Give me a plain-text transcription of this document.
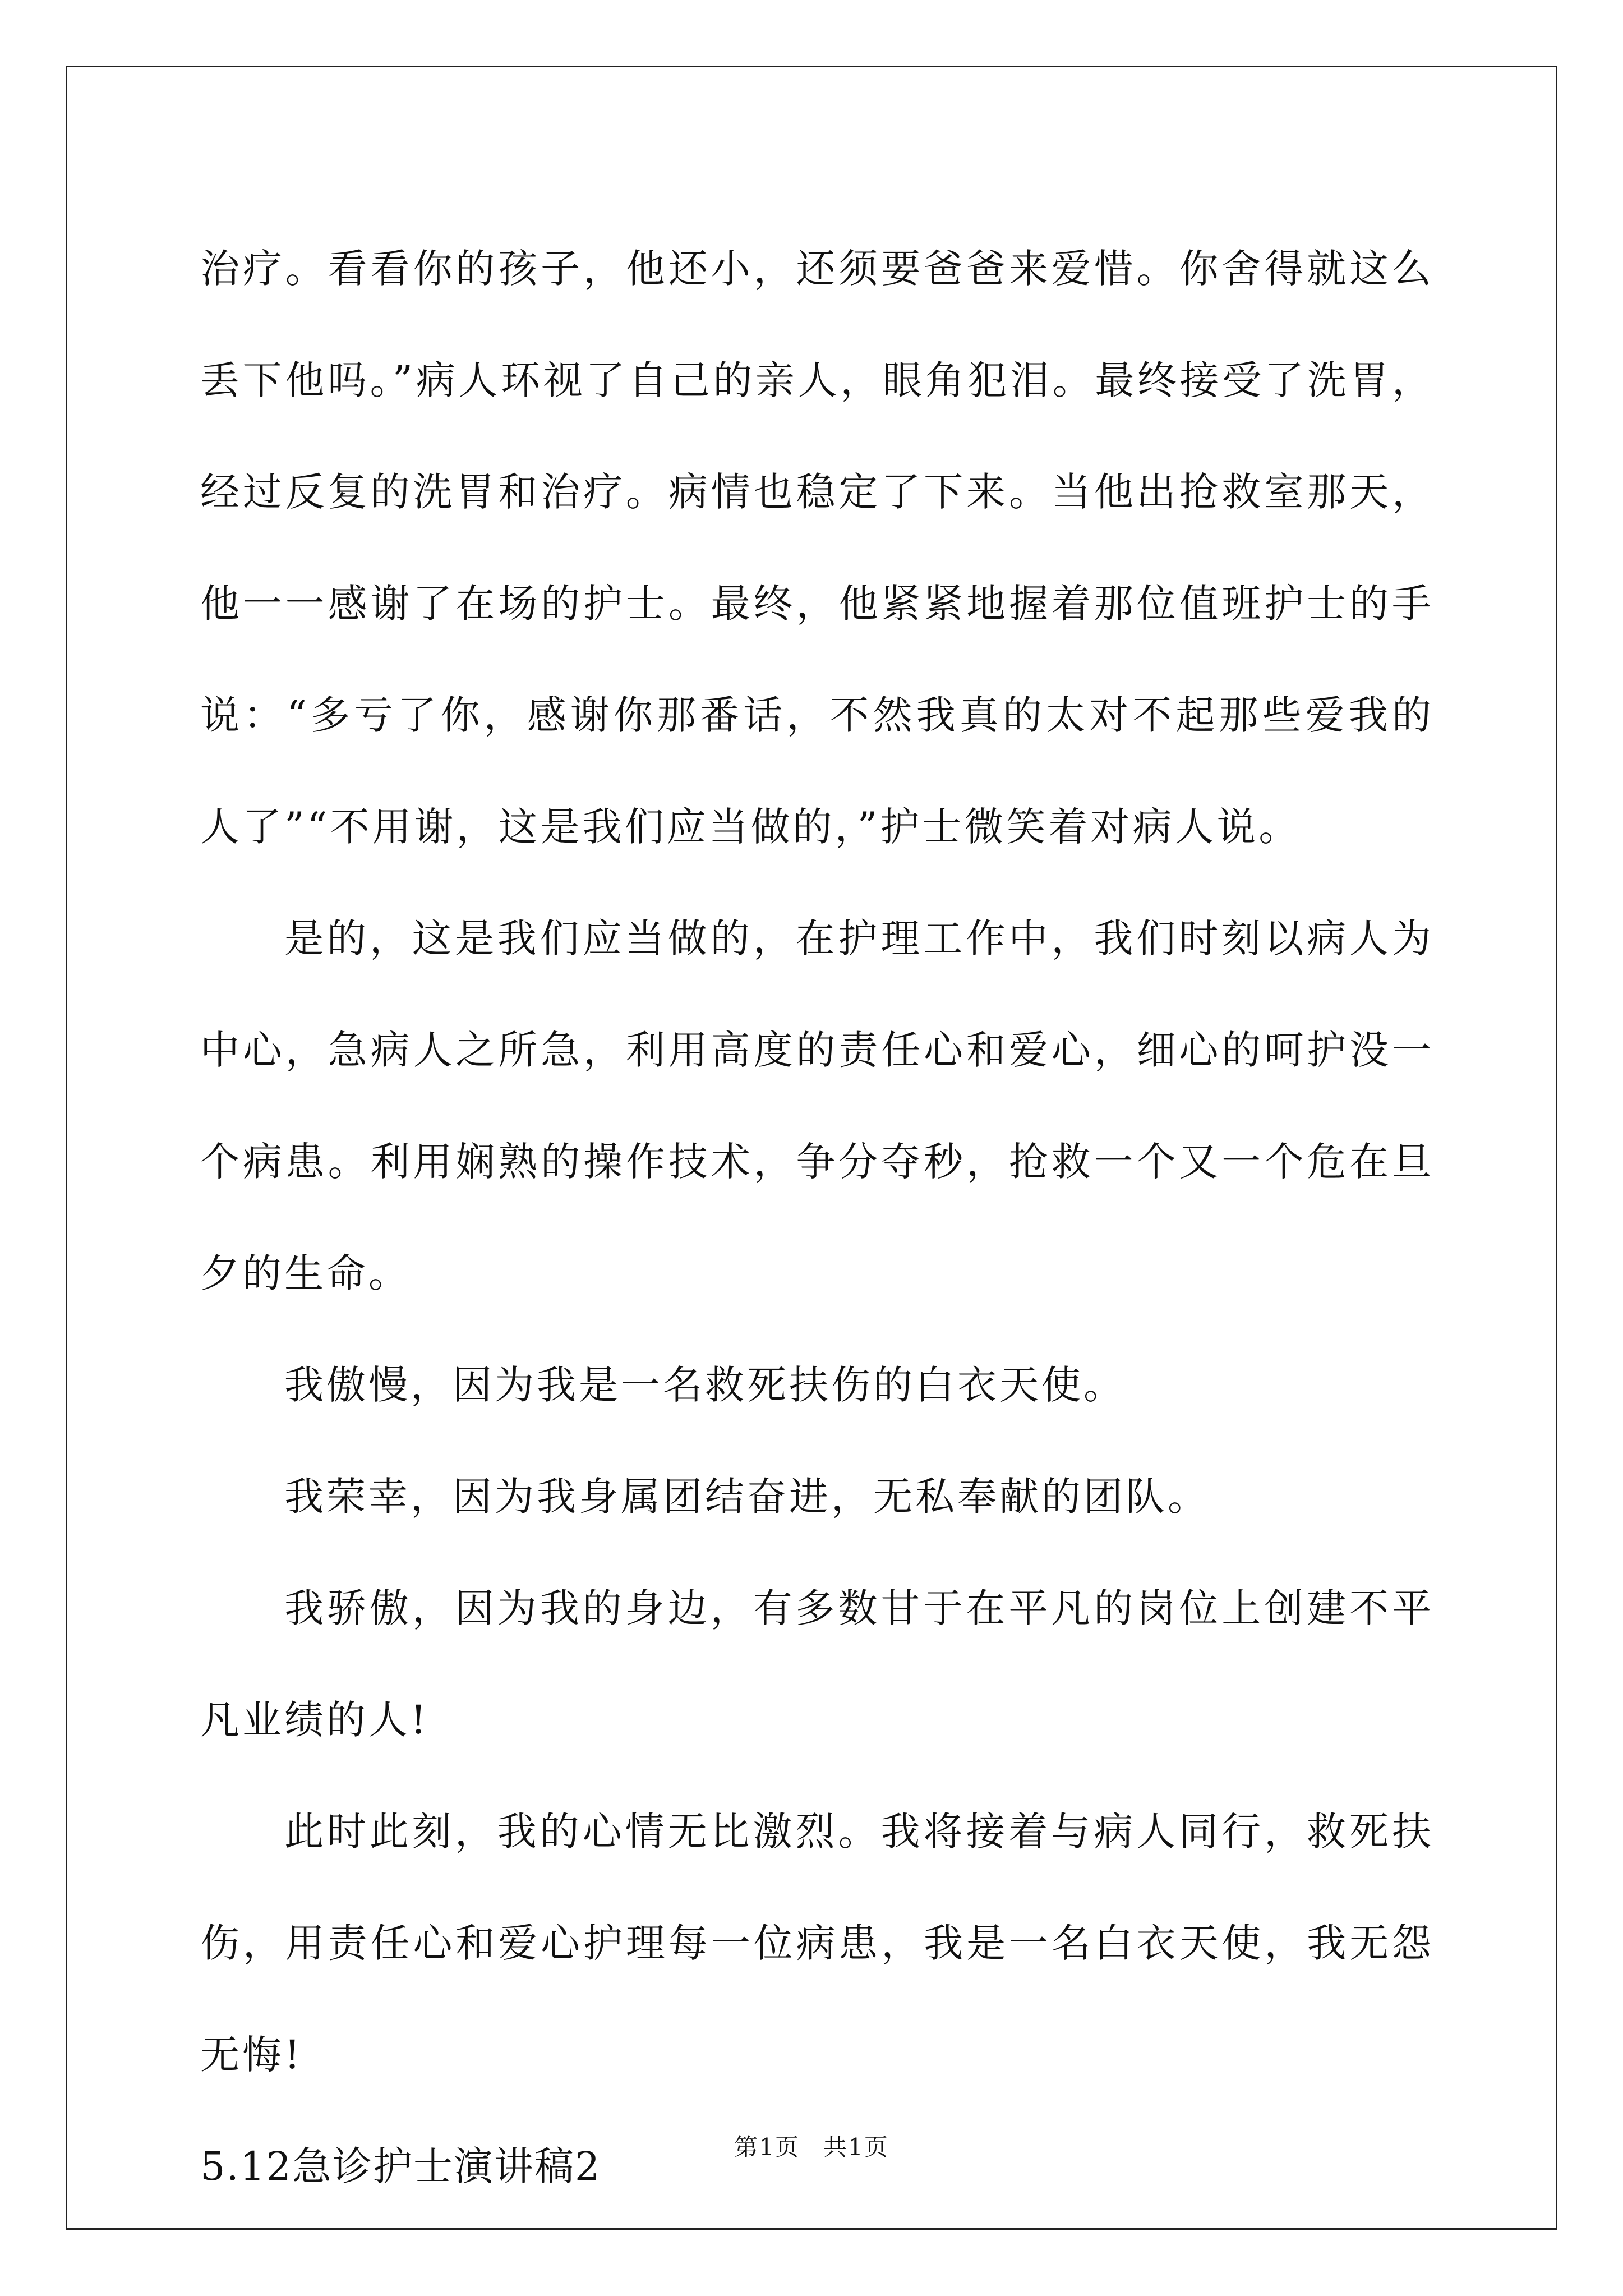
治疗。看看你的孩子，他还小，还须要爸爸来爱惜。你舍得就这么丢下他吗。”病人环视了自己的亲人，眼角犯泪。最终接受了洗胃，经过反复的洗胃和治疗。病情也稳定了下来。当他出抢救室那天，他一一感谢了在场的护士。最终，他紧紧地握着那位值班护士的手说：“多亏了你，感谢你那番话，不然我真的太对不起那些爱我的人了”“不用谢，这是我们应当做的，”护士微笑着对病人说。

是的，这是我们应当做的，在护理工作中，我们时刻以病人为中心，急病人之所急，利用高度的责任心和爱心，细心的呵护没一个病患。利用娴熟的操作技术，争分夺秒，抢救一个又一个危在旦夕的生命。

我傲慢，因为我是一名救死扶伤的白衣天使。

我荣幸，因为我身属团结奋进，无私奉献的团队。

我骄傲，因为我的身边，有多数甘于在平凡的岗位上创建不平凡业绩的人!

此时此刻，我的心情无比激烈。我将接着与病人同行，救死扶伤，用责任心和爱心护理每一位病患，我是一名白衣天使，我无怨无悔!

5.12急诊护士演讲稿2	第1页 共1页
